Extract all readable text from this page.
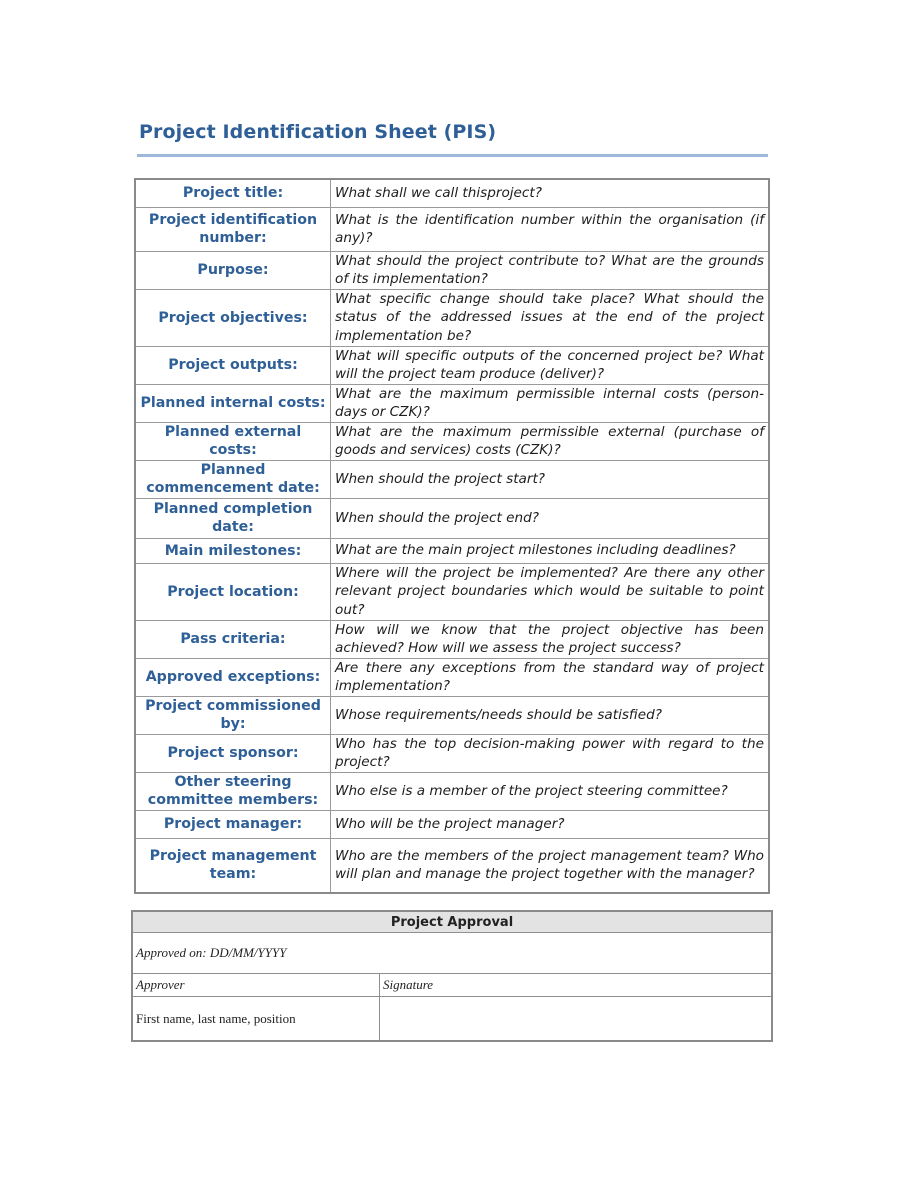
Project Identification Sheet (PIS)
Project title:	What shall we call thisproject?
Project identification number:	What is the identification number within the organisation (if any)?
Purpose:	What should the project contribute to? What are the grounds of its implementation?
Project objectives:	What specific change should take place? What should the status of the addressed issues at the end of the project implementation be?
Project outputs:	What will specific outputs of the concerned project be? What will the project team produce (deliver)?
Planned internal costs:	What are the maximum permissible internal costs (person-days or CZK)?
Planned external costs:	What are the maximum permissible external (purchase of goods and services) costs (CZK)?
Planned commencement date:	When should the project start?
Planned completion date:	When should the project end?
Main milestones:	What are the main project milestones including deadlines?
Project location:	Where will the project be implemented? Are there any other relevant project boundaries which would be suitable to point out?
Pass criteria:	How will we know that the project objective has been achieved? How will we assess the project success?
Approved exceptions:	Are there any exceptions from the standard way of project implementation?
Project commissioned by:	Whose requirements/needs should be satisfied?
Project sponsor:	Who has the top decision-making power with regard to the project?
Other steering committee members:	Who else is a member of the project steering committee?
Project manager:	Who will be the project manager?
Project management team:	Who are the members of the project management team? Who will plan and manage the project together with the manager?
Project Approval	
Approved on: DD/MM/YYYY	
Approver	Signature
First name, last name, position	
